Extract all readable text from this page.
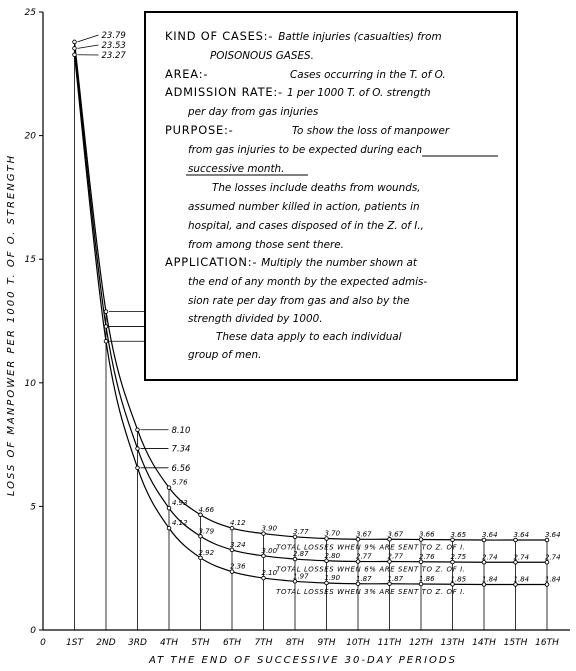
0
5
10
15
20
25
0 1ST 2ND 3RD 4TH 5TH 6TH 7TH 8TH 9TH 10TH 11TH 12TH 13TH 14TH 15TH 16TH
23.79
23.53
23.27
8.10
7.34
6.56
5.76
4.93
4.12
4.66
3.79
2.92
4.12
3.24
2.36
3.90
3.00
2.10
3.77
2.87
1.97
3.70
2.80
1.90
3.67
2.77
1.87
3.67
2.77
1.87
3.66
2.76
1.86
3.65
2.75
1.85
3.64
2.74
1.84
3.64
2.74
1.84
3.64
2.74
1.84
TOTAL LOSSES WHEN 9% ARE SENT TO Z. OF I.
TOTAL LOSSES WHEN 6% ARE SENT TO Z. OF I.
TOTAL LOSSES WHEN 3% ARE SENT TO Z. OF I.
LOSS OF MANPOWER PER 1000 T. OF O. STRENGTH
AT THE END OF SUCCESSIVE 30-DAY PERIODS
KIND OF CASES:- Battle injuries (casualties) from
POISONOUS GASES.
AREA:-	Cases occurring in the T. of O.
ADMISSION RATE:- 1 per 1000 T. of O. strength
per day from gas injuries
PURPOSE:-	To show the loss of manpower
from gas injuries to be expected during each
successive month.
The losses include deaths from wounds,
assumed number killed in action, patients in
hospital, and cases disposed of in the Z. of I.,
from among those sent there.
APPLICATION:- Multiply the number shown at
the end of any month by the expected admis-
sion rate per day from gas and also by the
strength divided by 1000.
These data apply to each individual
group of men.
